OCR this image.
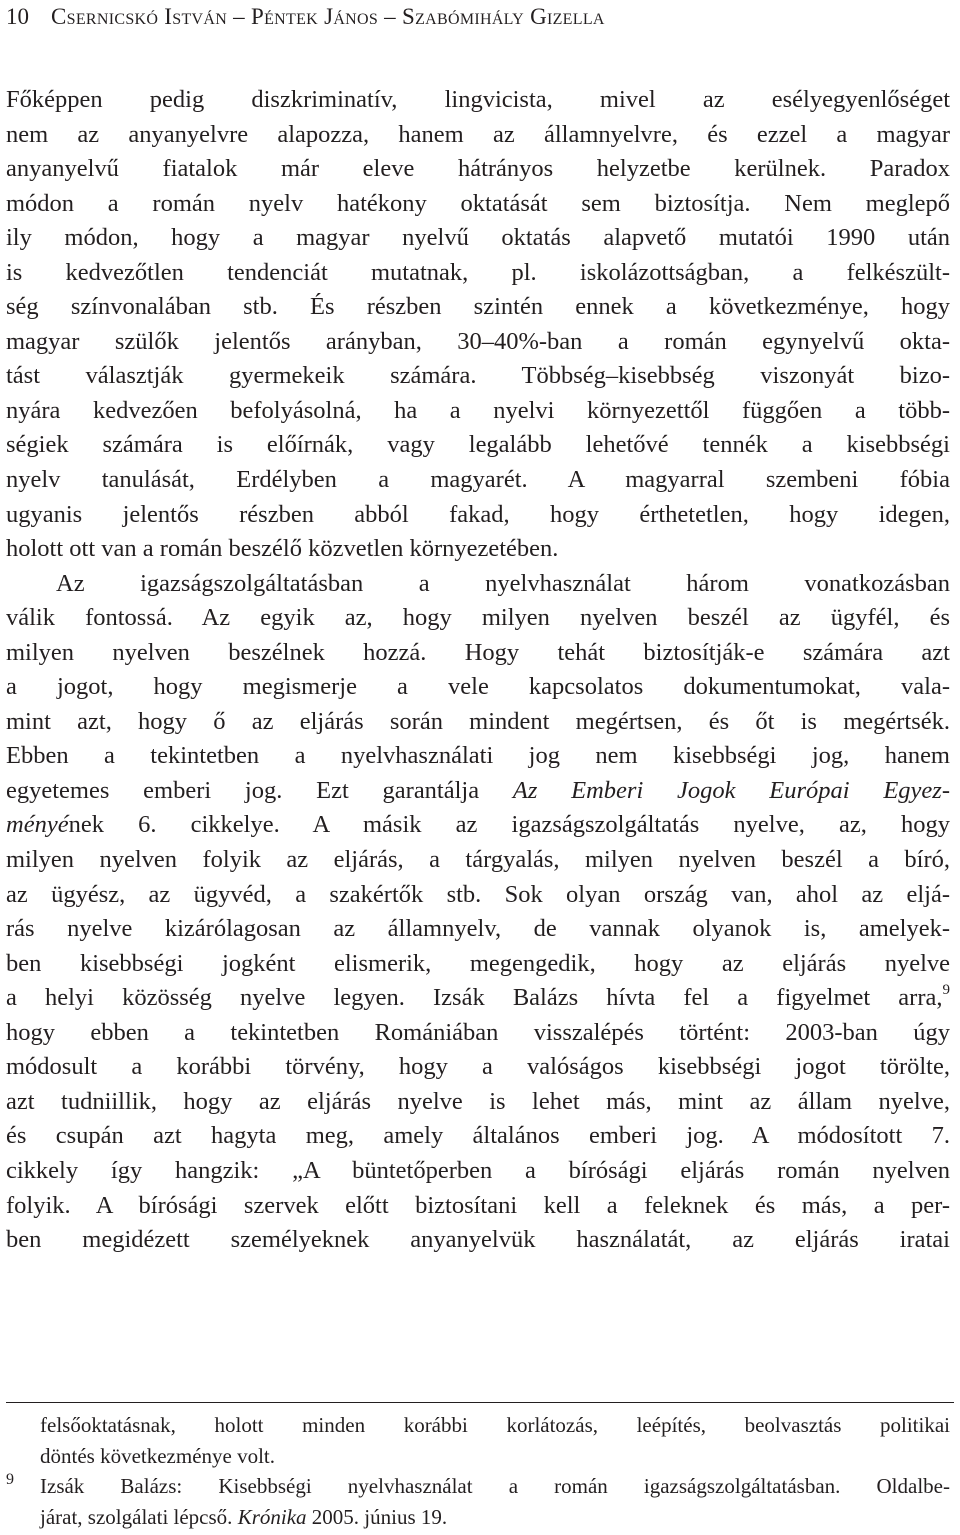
10 Csernicskó István – Péntek János – Szabómihály Gizella
Főképpen pedig diszkriminatív, lingvicista, mivel az esélyegyenlőséget
nem az anyanyelvre alapozza, hanem az államnyelvre, és ezzel a magyar
anyanyelvű fiatalok már eleve hátrányos helyzetbe kerülnek. Paradox
módon a román nyelv hatékony oktatását sem biztosítja. Nem meglepő
ily módon, hogy a magyar nyelvű oktatás alapvető mutatói 1990 után
is kedvezőtlen tendenciát mutatnak, pl. iskolázottságban, a felkészült-
ség színvonalában stb. És részben szintén ennek a következménye, hogy
magyar szülők jelentős arányban, 30–40%-ban a román egynyelvű okta-
tást választják gyermekeik számára. Többség–kisebbség viszonyát bizo-
nyára kedvezően befolyásolná, ha a nyelvi környezettől függően a több-
ségiek számára is előírnák, vagy legalább lehetővé tennék a kisebbségi
nyelv tanulását, Erdélyben a magyarét. A magyarral szembeni fóbia
ugyanis jelentős részben abból fakad, hogy érthetetlen, hogy idegen,
holott ott van a román beszélő közvetlen környezetében.
Az igazságszolgáltatásban a nyelvhasználat három vonatkozásban
válik fontossá. Az egyik az, hogy milyen nyelven beszél az ügyfél, és
milyen nyelven beszélnek hozzá. Hogy tehát biztosítják-e számára azt
a jogot, hogy megismerje a vele kapcsolatos dokumentumokat, vala-
mint azt, hogy ő az eljárás során mindent megértsen, és őt is megértsék.
Ebben a tekintetben a nyelvhasználati jog nem kisebbségi jog, hanem
egyetemes emberi jog. Ezt garantálja Az Emberi Jogok Európai Egyez-
ményének 6. cikkelye. A másik az igazságszolgáltatás nyelve, az, hogy
milyen nyelven folyik az eljárás, a tárgyalás, milyen nyelven beszél a bíró,
az ügyész, az ügyvéd, a szakértők stb. Sok olyan ország van, ahol az eljá-
rás nyelve kizárólagosan az államnyelv, de vannak olyanok is, amelyek-
ben kisebbségi jogként elismerik, megengedik, hogy az eljárás nyelve
a helyi közösség nyelve legyen. Izsák Balázs hívta fel a figyelmet arra,$^9$
hogy ebben a tekintetben Romániában visszalépés történt: 2003-ban úgy
módosult a korábbi törvény, hogy a valóságos kisebbségi jogot törölte,
azt tudniillik, hogy az eljárás nyelve is lehet más, mint az állam nyelve,
és csupán azt hagyta meg, amely általános emberi jog. A módosított 7.
cikkely így hangzik: „A büntetőperben a bírósági eljárás román nyelven
folyik. A bírósági szervek előtt biztosítani kell a feleknek és más, a per-
ben megidézett személyeknek anyanyelvük használatát, az eljárás iratai
felsőoktatásnak, holott minden korábbi korlátozás, leépítés, beolvasztás politikai
döntés következménye volt.
9 Izsák Balázs: Kisebbségi nyelvhasználat a román igazságszolgáltatásban. Oldalbe-
járat, szolgálati lépcső. Krónika 2005. június 19.
